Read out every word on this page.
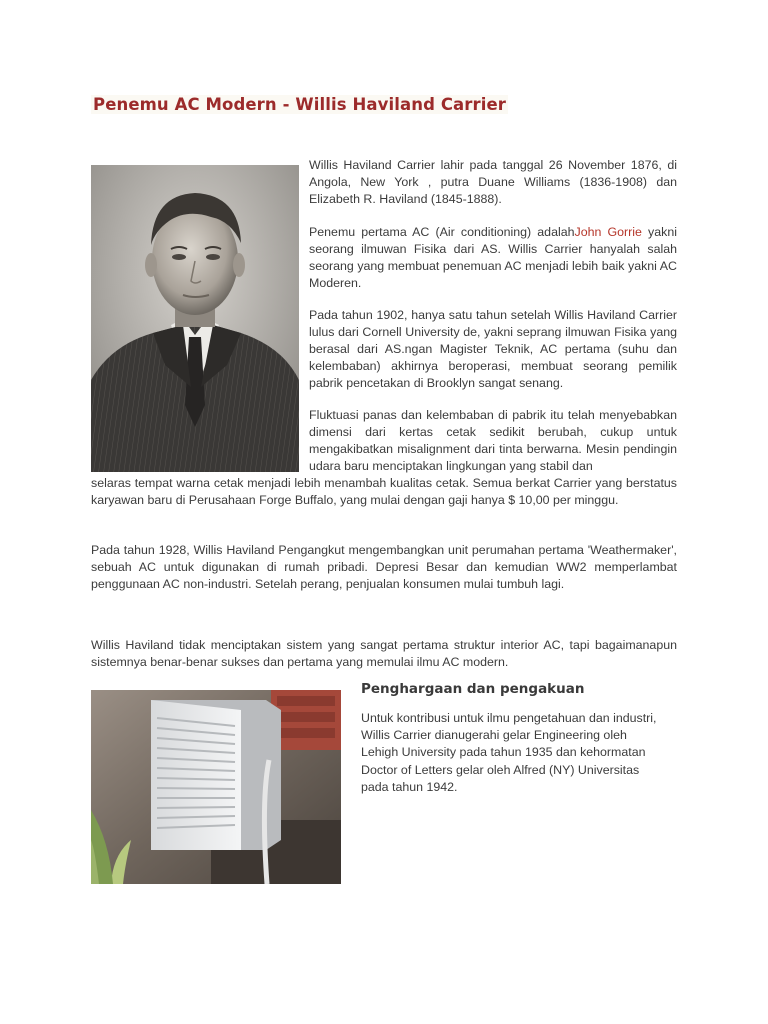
Penemu AC Modern - Willis Haviland Carrier

Willis Haviland Carrier lahir pada tanggal 26 November 1876, di Angola, New York , putra Duane Williams (1836-1908) dan Elizabeth R. Haviland (1845-1888).

Penemu pertama AC (Air conditioning) adalahJohn Gorrie yakni seorang ilmuwan Fisika dari AS. Willis Carrier hanyalah salah seorang yang membuat penemuan AC menjadi lebih baik yakni AC Moderen.

Pada tahun 1902, hanya satu tahun setelah Willis Haviland Carrier lulus dari Cornell University de, yakni seprang ilmuwan Fisika yang berasal dari AS.ngan Magister Teknik, AC pertama (suhu dan kelembaban) akhirnya beroperasi, membuat seorang pemilik pabrik pencetakan di Brooklyn sangat senang.

Fluktuasi panas dan kelembaban di pabrik itu telah menyebabkan dimensi dari kertas cetak sedikit berubah, cukup untuk mengakibatkan misalignment dari tinta berwarna. Mesin pendingin udara baru menciptakan lingkungan yang stabil dan

selaras tempat warna cetak menjadi lebih menambah kualitas cetak. Semua berkat Carrier yang berstatus karyawan baru di Perusahaan Forge Buffalo, yang mulai dengan gaji hanya $ 10,00 per minggu.

Pada tahun 1928, Willis Haviland Pengangkut mengembangkan unit perumahan pertama 'Weathermaker', sebuah AC untuk digunakan di rumah pribadi. Depresi Besar dan kemudian WW2 memperlambat penggunaan AC non-industri. Setelah perang, penjualan konsumen mulai tumbuh lagi.

Willis Haviland tidak menciptakan sistem yang sangat pertama struktur interior AC, tapi bagaimanapun sistemnya benar-benar sukses dan pertama yang memulai ilmu AC modern.

Penghargaan dan pengakuan
Untuk kontribusi untuk ilmu pengetahuan dan industri,
Willis Carrier dianugerahi gelar Engineering oleh
Lehigh University pada tahun 1935 dan kehormatan
Doctor of Letters gelar oleh Alfred (NY) Universitas
pada tahun 1942.
